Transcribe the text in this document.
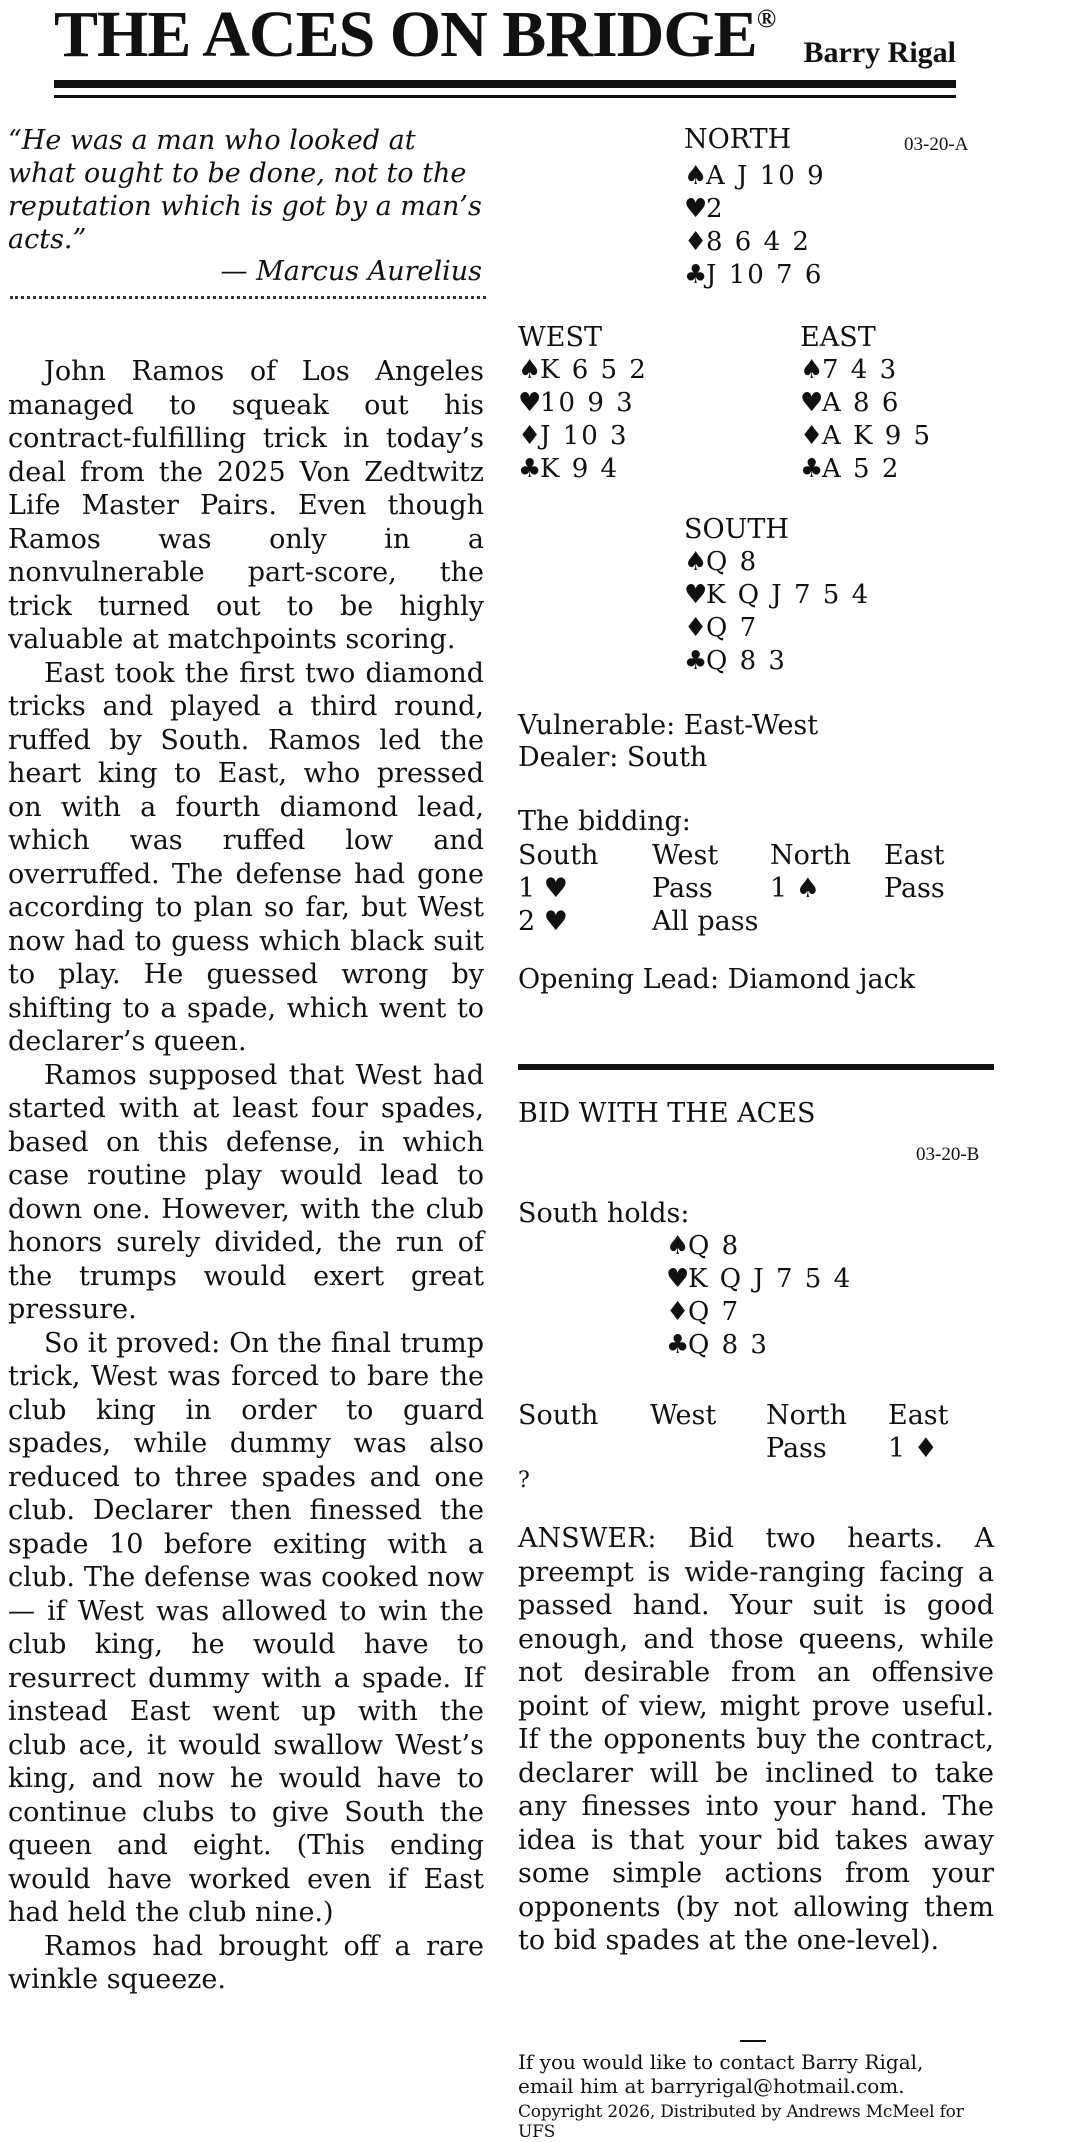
THE ACES ON BRIDGE®
Barry Rigal
“He was a man who looked at what ought to be done, not to the reputation which is got by a man’s acts.”
— Marcus Aurelius

John Ramos of Los Angeles managed to squeak out his contract-fulfilling trick in today’s deal from the 2025 Von Zedtwitz Life Master Pairs. Even though Ramos was only in a nonvulnerable part-score, the trick turned out to be highly valuable at matchpoints scoring.

East took the first two diamond tricks and played a third round, ruffed by South. Ramos led the heart king to East, who pressed on with a fourth diamond lead, which was ruffed low and overruffed. The defense had gone according to plan so far, but West now had to guess which black suit to play. He guessed wrong by shifting to a spade, which went to declarer’s queen.

Ramos supposed that West had started with at least four spades, based on this defense, in which case routine play would lead to down one. However, with the club honors surely divided, the run of the trumps would exert great pressure.

So it proved: On the final trump trick, West was forced to bare the club king in order to guard spades, while dummy was also reduced to three spades and one club. Declarer then finessed the spade 10 before exiting with a club. The defense was cooked now — if West was allowed to win the club king, he would have to resurrect dummy with a spade. If instead East went up with the club ace, it would swallow West’s king, and now he would have to continue clubs to give South the queen and eight. (This ending would have worked even if East had held the club nine.)

Ramos had brought off a rare winkle squeeze.

03-20-A
NORTH
♠A J 10 9
♥2
♦8 6 4 2
♣J 10 7 6
WEST
♠K 6 5 2
♥10 9 3
♦J 10 3
♣K 9 4
EAST
♠7 4 3
♥A 8 6
♦A K 9 5
♣A 5 2
SOUTH
♠Q 8
♥K Q J 7 5 4
♦Q 7
♣Q 8 3
Vulnerable: East-West
Dealer: South
The bidding:
South West North East
1 ♥	Pass 1 ♠ Pass
2 ♥	All pass
Opening Lead: Diamond jack
BID WITH THE ACES
03-20-B
South holds:
♠Q 8
♥K Q J 7 5 4
♦Q 7
♣Q 8 3
South West North East
Pass 1 ♦
?
ANSWER: Bid two hearts. A preempt is wide-ranging facing a passed hand. Your suit is good enough, and those queens, while not desirable from an offensive point of view, might prove useful. If the opponents buy the contract, declarer will be inclined to take any finesses into your hand. The idea is that your bid takes away some simple actions from your opponents (by not allowing them to bid spades at the one-level).
If you would like to contact Barry Rigal, email him at barryrigal@hotmail.com.
Copyright 2026, Distributed by Andrews McMeel for UFS
